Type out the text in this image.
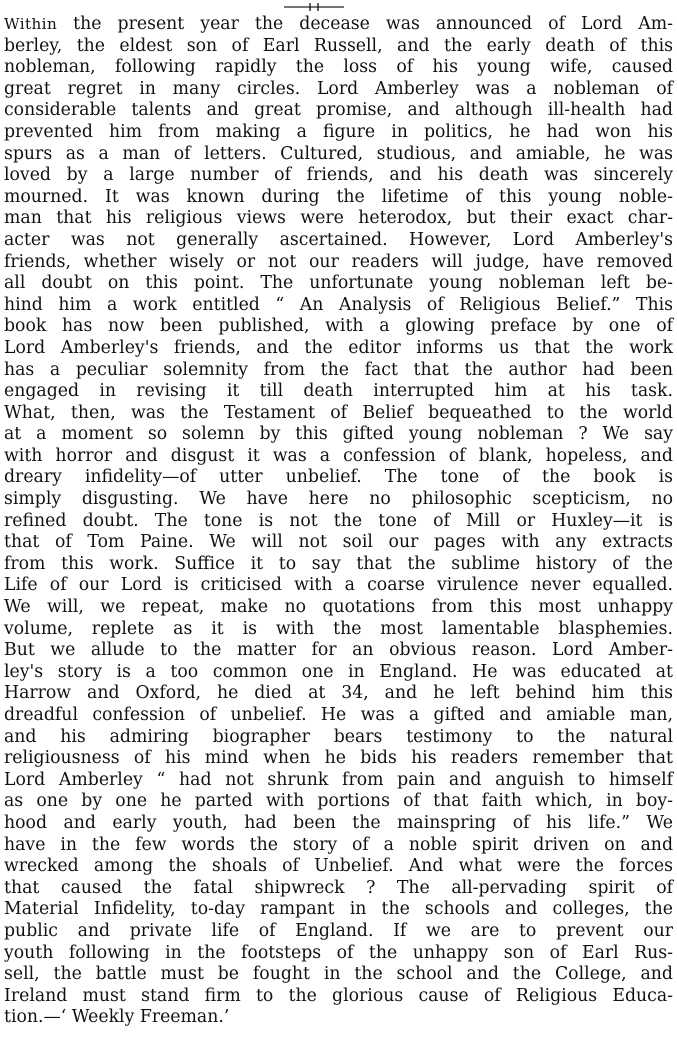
Within the present year the decease was announced of Lord Am-
berley, the eldest son of Earl Russell, and the early death of this
nobleman, following rapidly the loss of his young wife, caused
great regret in many circles. Lord Amberley was a nobleman of
considerable talents and great promise, and although ill-health had
prevented him from making a figure in politics, he had won his
spurs as a man of letters. Cultured, studious, and amiable, he was
loved by a large number of friends, and his death was sincerely
mourned. It was known during the lifetime of this young noble-
man that his religious views were heterodox, but their exact char-
acter was not generally ascertained. However, Lord Amberley's
friends, whether wisely or not our readers will judge, have removed
all doubt on this point. The unfortunate young nobleman left be-
hind him a work entitled “ An Analysis of Religious Belief.” This
book has now been published, with a glowing preface by one of
Lord Amberley's friends, and the editor informs us that the work
has a peculiar solemnity from the fact that the author had been
engaged in revising it till death interrupted him at his task.
What, then, was the Testament of Belief bequeathed to the world
at a moment so solemn by this gifted young nobleman ? We say
with horror and disgust it was a confession of blank, hopeless, and
dreary infidelity—of utter unbelief. The tone of the book is
simply disgusting. We have here no philosophic scepticism, no
refined doubt. The tone is not the tone of Mill or Huxley—it is
that of Tom Paine. We will not soil our pages with any extracts
from this work. Suffice it to say that the sublime history of the
Life of our Lord is criticised with a coarse virulence never equalled.
We will, we repeat, make no quotations from this most unhappy
volume, replete as it is with the most lamentable blasphemies.
But we allude to the matter for an obvious reason. Lord Amber-
ley's story is a too common one in England. He was educated at
Harrow and Oxford, he died at 34, and he left behind him this
dreadful confession of unbelief. He was a gifted and amiable man,
and his admiring biographer bears testimony to the natural
religiousness of his mind when he bids his readers remember that
Lord Amberley “ had not shrunk from pain and anguish to himself
as one by one he parted with portions of that faith which, in boy-
hood and early youth, had been the mainspring of his life.” We
have in the few words the story of a noble spirit driven on and
wrecked among the shoals of Unbelief. And what were the forces
that caused the fatal shipwreck ? The all-pervading spirit of
Material Infidelity, to-day rampant in the schools and colleges, the
public and private life of England. If we are to prevent our
youth following in the footsteps of the unhappy son of Earl Rus-
sell, the battle must be fought in the school and the College, and
Ireland must stand firm to the glorious cause of Religious Educa-
tion.—‘ Weekly Freeman.’
